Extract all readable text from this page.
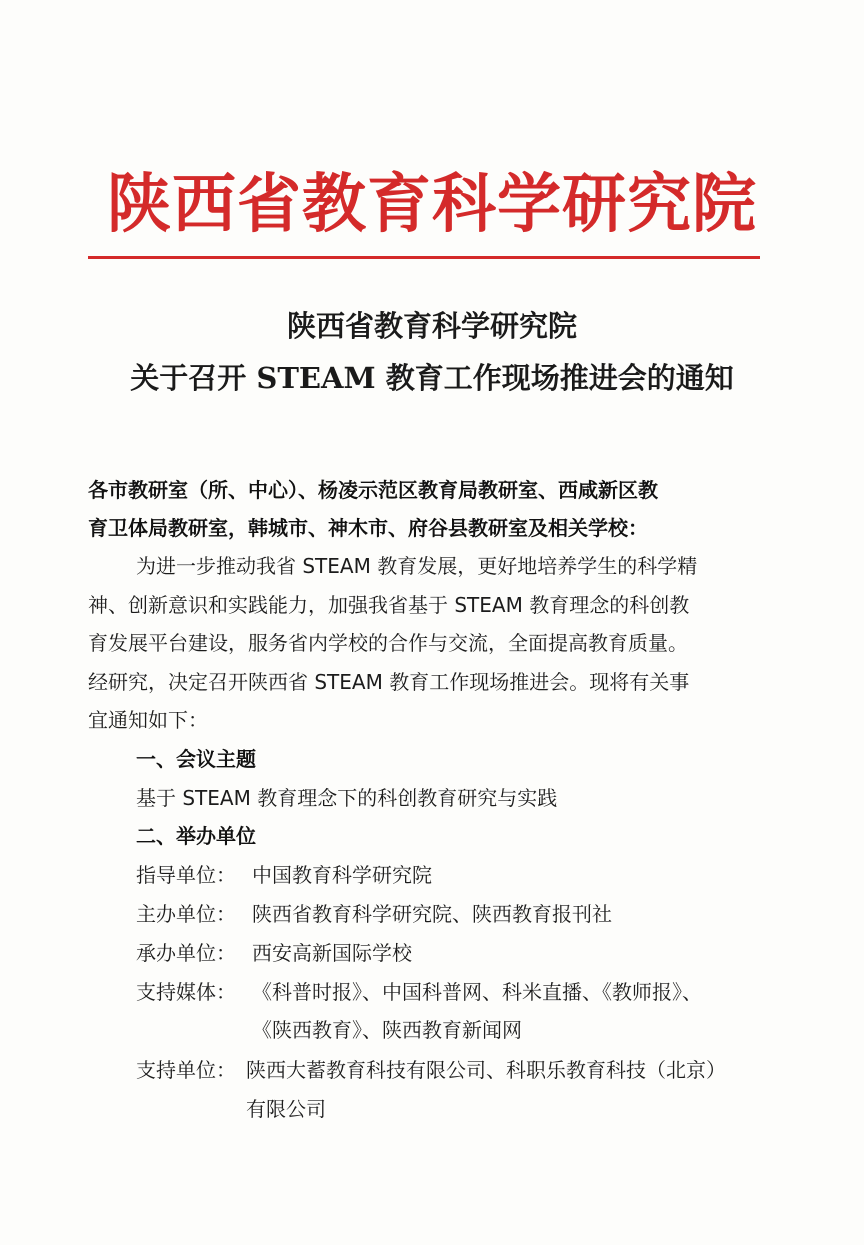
陕西省教育科学研究院
陕西省教育科学研究院
关于召开 STEAM 教育工作现场推进会的通知
各市教研室（所、中心）、杨凌示范区教育局教研室、西咸新区教
育卫体局教研室，韩城市、神木市、府谷县教研室及相关学校：
为进一步推动我省 STEAM 教育发展，更好地培养学生的科学精
神、创新意识和实践能力，加强我省基于 STEAM 教育理念的科创教
育发展平台建设，服务省内学校的合作与交流，全面提高教育质量。
经研究，决定召开陕西省 STEAM 教育工作现场推进会。现将有关事
宜通知如下：
一、会议主题
基于 STEAM 教育理念下的科创教育研究与实践
二、举办单位
指导单位： 中国教育科学研究院
主办单位： 陕西省教育科学研究院、陕西教育报刊社
承办单位： 西安高新国际学校
支持媒体： 《科普时报》、中国科普网、科米直播、《教师报》、
《陕西教育》、陕西教育新闻网
支持单位： 陕西大蓄教育科技有限公司、科职乐教育科技（北京）
有限公司
